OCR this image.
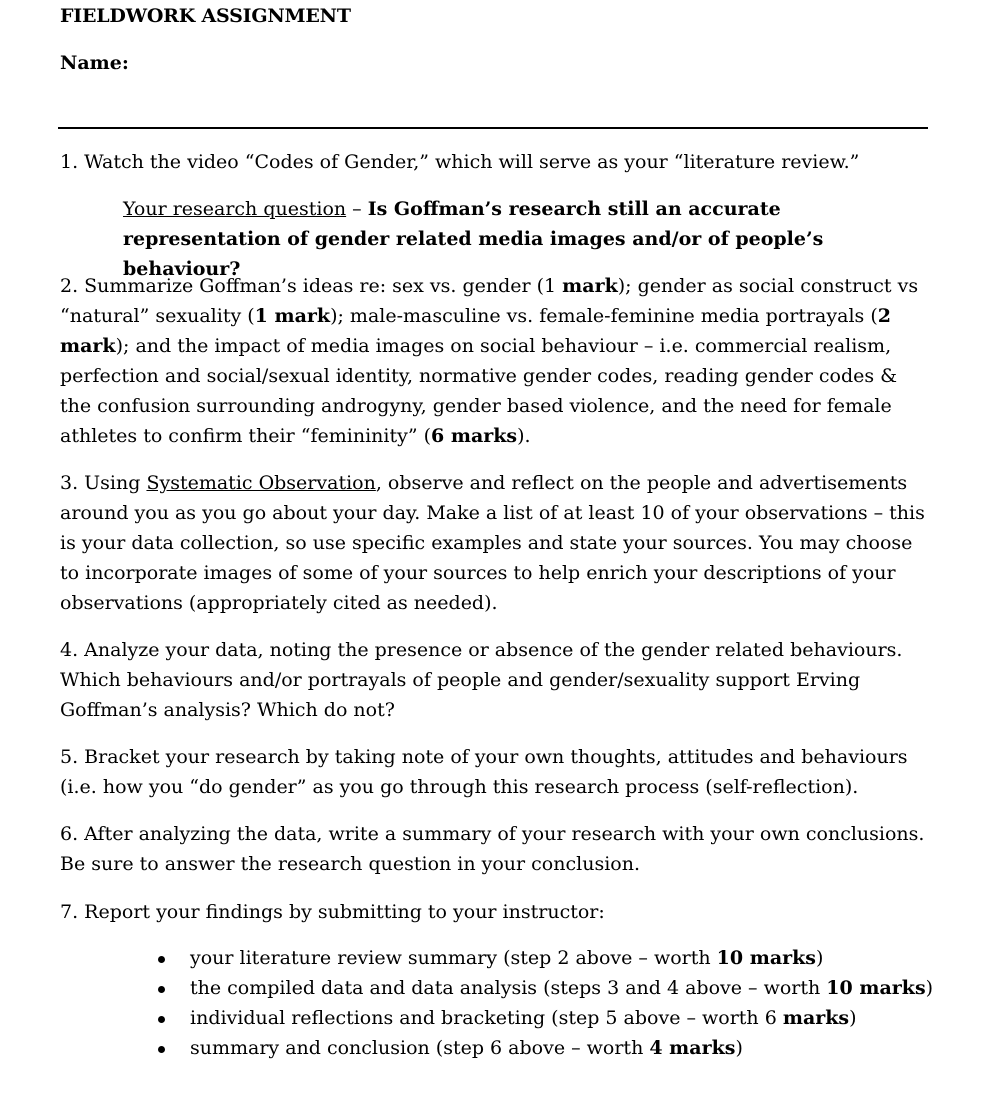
FIELDWORK ASSIGNMENT
Name:

1. Watch the video “Codes of Gender,” which will serve as your “literature review.”

Your research question – Is Goffman’s research still an accurate representation of gender related media images and/or of people’s behaviour?

2. Summarize Goffman’s ideas re: sex vs. gender (1 mark); gender as social construct vs “natural” sexuality (1 mark); male-masculine vs. female-feminine media portrayals (2 mark); and the impact of media images on social behaviour – i.e. commercial realism, perfection and social/sexual identity, normative gender codes, reading gender codes & the confusion surrounding androgyny, gender based violence, and the need for female athletes to confirm their “femininity” (6 marks).

3. Using Systematic Observation, observe and reflect on the people and advertisements around you as you go about your day. Make a list of at least 10 of your observations – this is your data collection, so use specific examples and state your sources. You may choose to incorporate images of some of your sources to help enrich your descriptions of your observations (appropriately cited as needed).

4. Analyze your data, noting the presence or absence of the gender related behaviours. Which behaviours and/or portrayals of people and gender/sexuality support Erving Goffman’s analysis? Which do not?

5. Bracket your research by taking note of your own thoughts, attitudes and behaviours (i.e. how you “do gender” as you go through this research process (self-reflection).

6. After analyzing the data, write a summary of your research with your own conclusions. Be sure to answer the research question in your conclusion.

7. Report your findings by submitting to your instructor:

your literature review summary (step 2 above – worth 10 marks)
the compiled data and data analysis (steps 3 and 4 above – worth 10 marks)
individual reflections and bracketing (step 5 above – worth 6 marks)
summary and conclusion (step 6 above – worth 4 marks)
